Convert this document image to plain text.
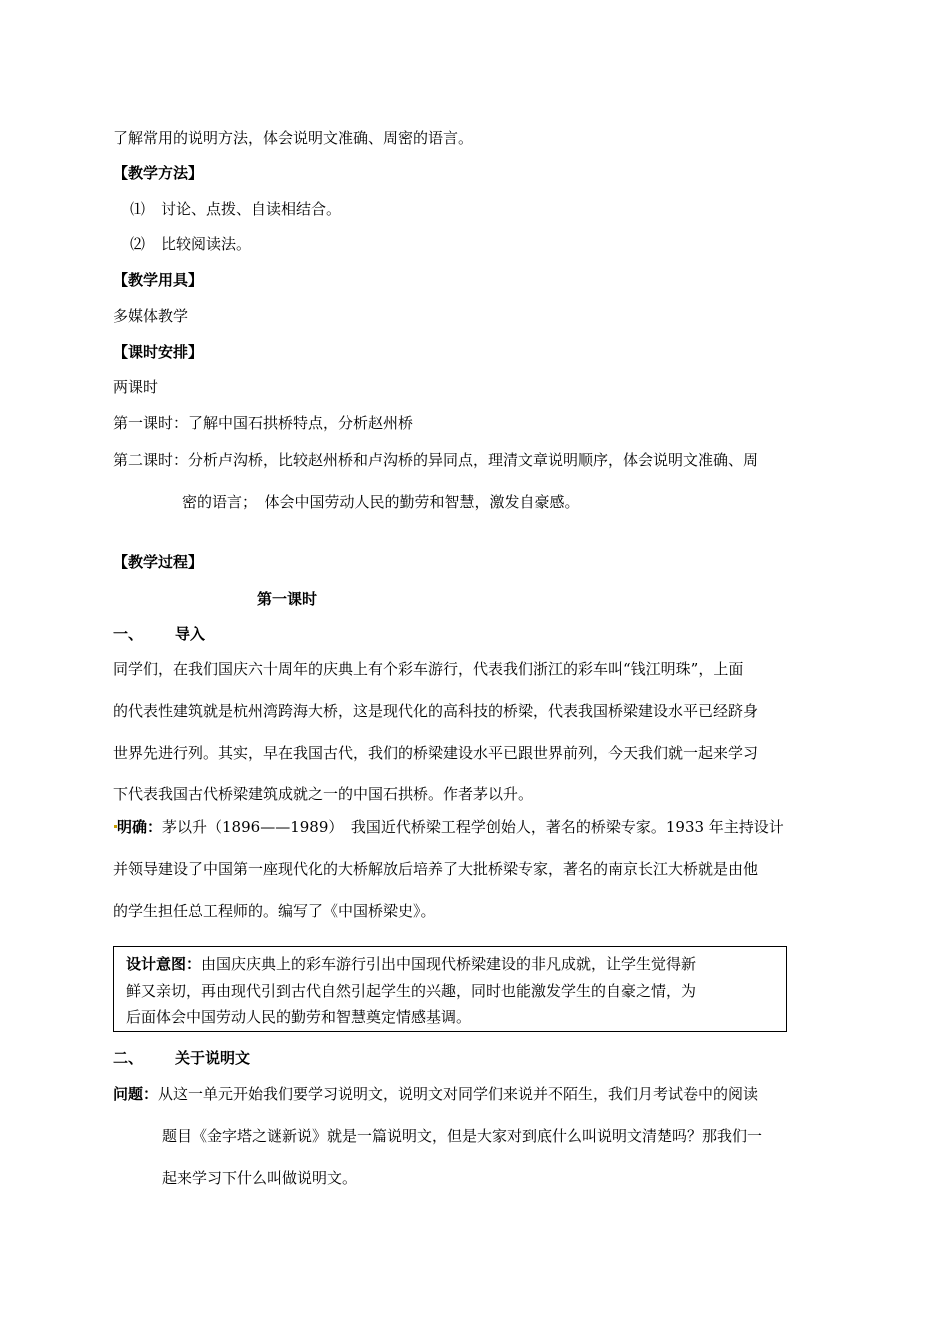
了解常用的说明方法，体会说明文准确、周密的语言。
【教学方法】
⑴ 讨论、点拨、自读相结合。
⑵ 比较阅读法。
【教学用具】
多媒体教学
【课时安排】
两课时
第一课时：了解中国石拱桥特点，分析赵州桥
第二课时：分析卢沟桥，比较赵州桥和卢沟桥的异同点，理清文章说明顺序，体会说明文准确、周
密的语言；　体会中国劳动人民的勤劳和智慧，激发自豪感。
【教学过程】
第一课时
一、 导入
同学们，在我们国庆六十周年的庆典上有个彩车游行，代表我们浙江的彩车叫“钱江明珠”，上面
的代表性建筑就是杭州湾跨海大桥，这是现代化的高科技的桥梁，代表我国桥梁建设水平已经跻身
世界先进行列。其实，早在我国古代，我们的桥梁建设水平已跟世界前列，今天我们就一起来学习
下代表我国古代桥梁建筑成就之一的中国石拱桥。作者茅以升。
明确：茅以升（1896——1989）　我国近代桥梁工程学创始人，著名的桥梁专家。1933 年主持设计
并领导建设了中国第一座现代化的大桥解放后培养了大批桥梁专家，著名的南京长江大桥就是由他
的学生担任总工程师的。编写了《中国桥梁史》。
设计意图：由国庆庆典上的彩车游行引出中国现代桥梁建设的非凡成就，让学生觉得新
鲜又亲切，再由现代引到古代自然引起学生的兴趣，同时也能激发学生的自豪之情，为
后面体会中国劳动人民的勤劳和智慧奠定情感基调。
二、 关于说明文
问题：从这一单元开始我们要学习说明文，说明文对同学们来说并不陌生，我们月考试卷中的阅读
题目《金字塔之谜新说》就是一篇说明文，但是大家对到底什么叫说明文清楚吗？那我们一
起来学习下什么叫做说明文。
